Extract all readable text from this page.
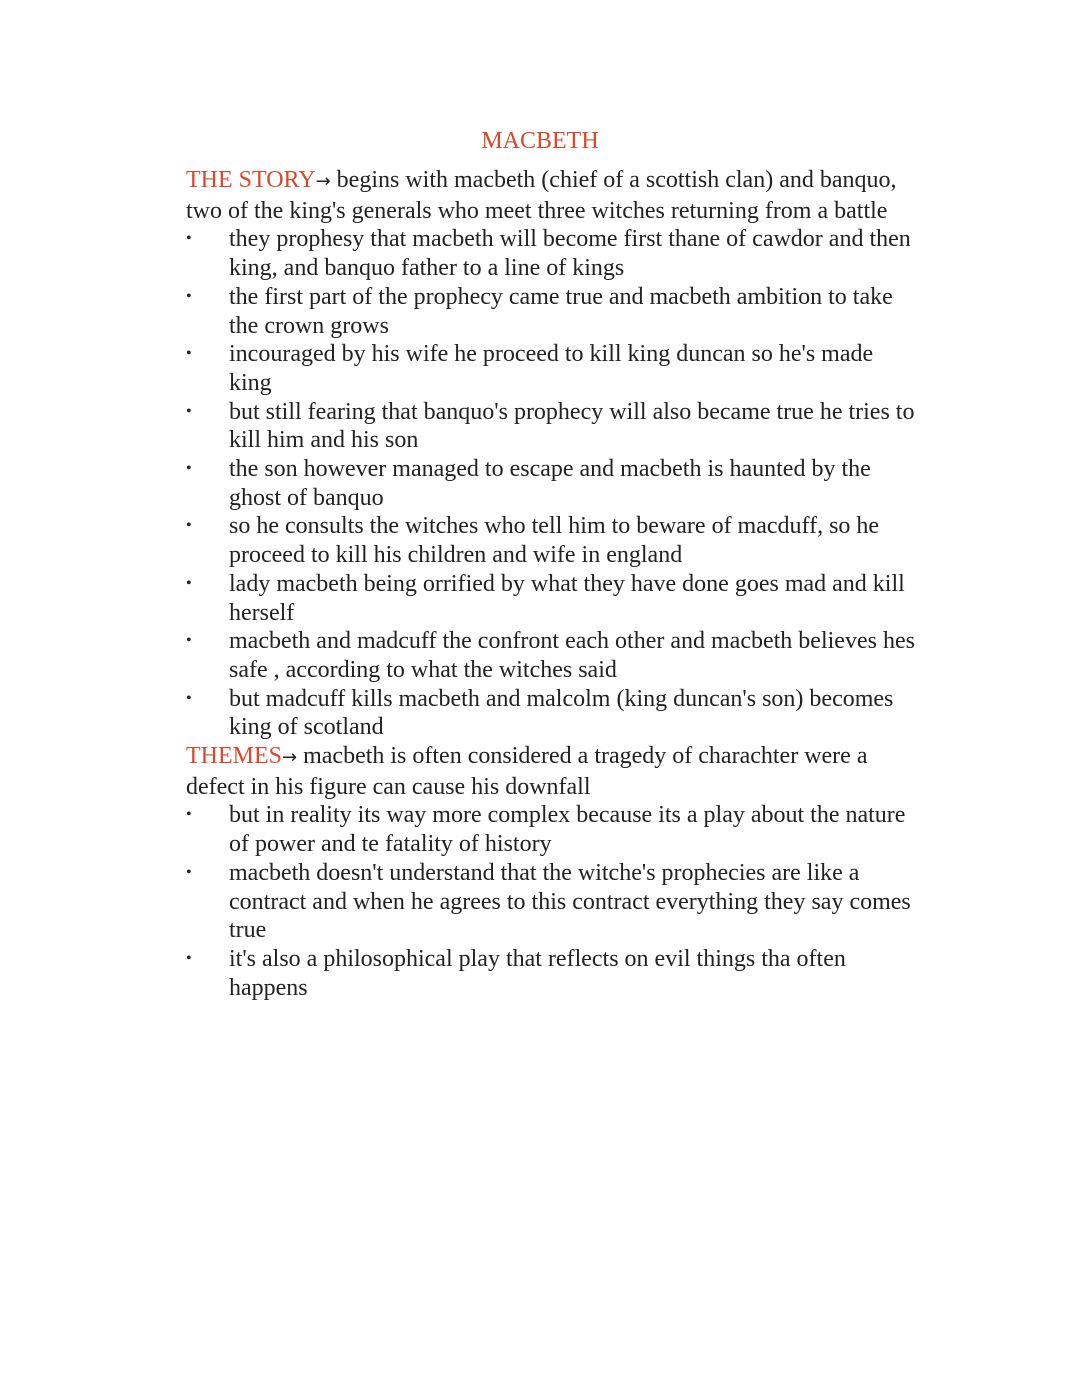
MACBETH

THE STORY→ begins with macbeth (chief of a scottish clan) and banquo, two of the king's generals who meet three witches returning from a battle

• they prophesy that macbeth will become first thane of cawdor and then king, and banquo father to a line of kings
• the first part of the prophecy came true and macbeth ambition to take the crown grows
• incouraged by his wife he proceed to kill king duncan so he's made king
• but still fearing that banquo's prophecy will also became true he tries to kill him and his son
• the son however managed to escape and macbeth is haunted by the ghost of banquo
• so he consults the witches who tell him to beware of macduff, so he proceed to kill his children and wife in england
• lady macbeth being orrified by what they have done goes mad and kill herself
• macbeth and madcuff the confront each other and macbeth believes hes safe , according to what the witches said
• but madcuff kills macbeth and malcolm (king duncan's son) becomes king of scotland

THEMES→ macbeth is often considered a tragedy of charachter were a defect in his figure can cause his downfall

• but in reality its way more complex because its a play about the nature of power and te fatality of history
• macbeth doesn't understand that the witche's prophecies are like a contract and when he agrees to this contract everything they say comes true
• it's also a philosophical play that reflects on evil things tha often happens
